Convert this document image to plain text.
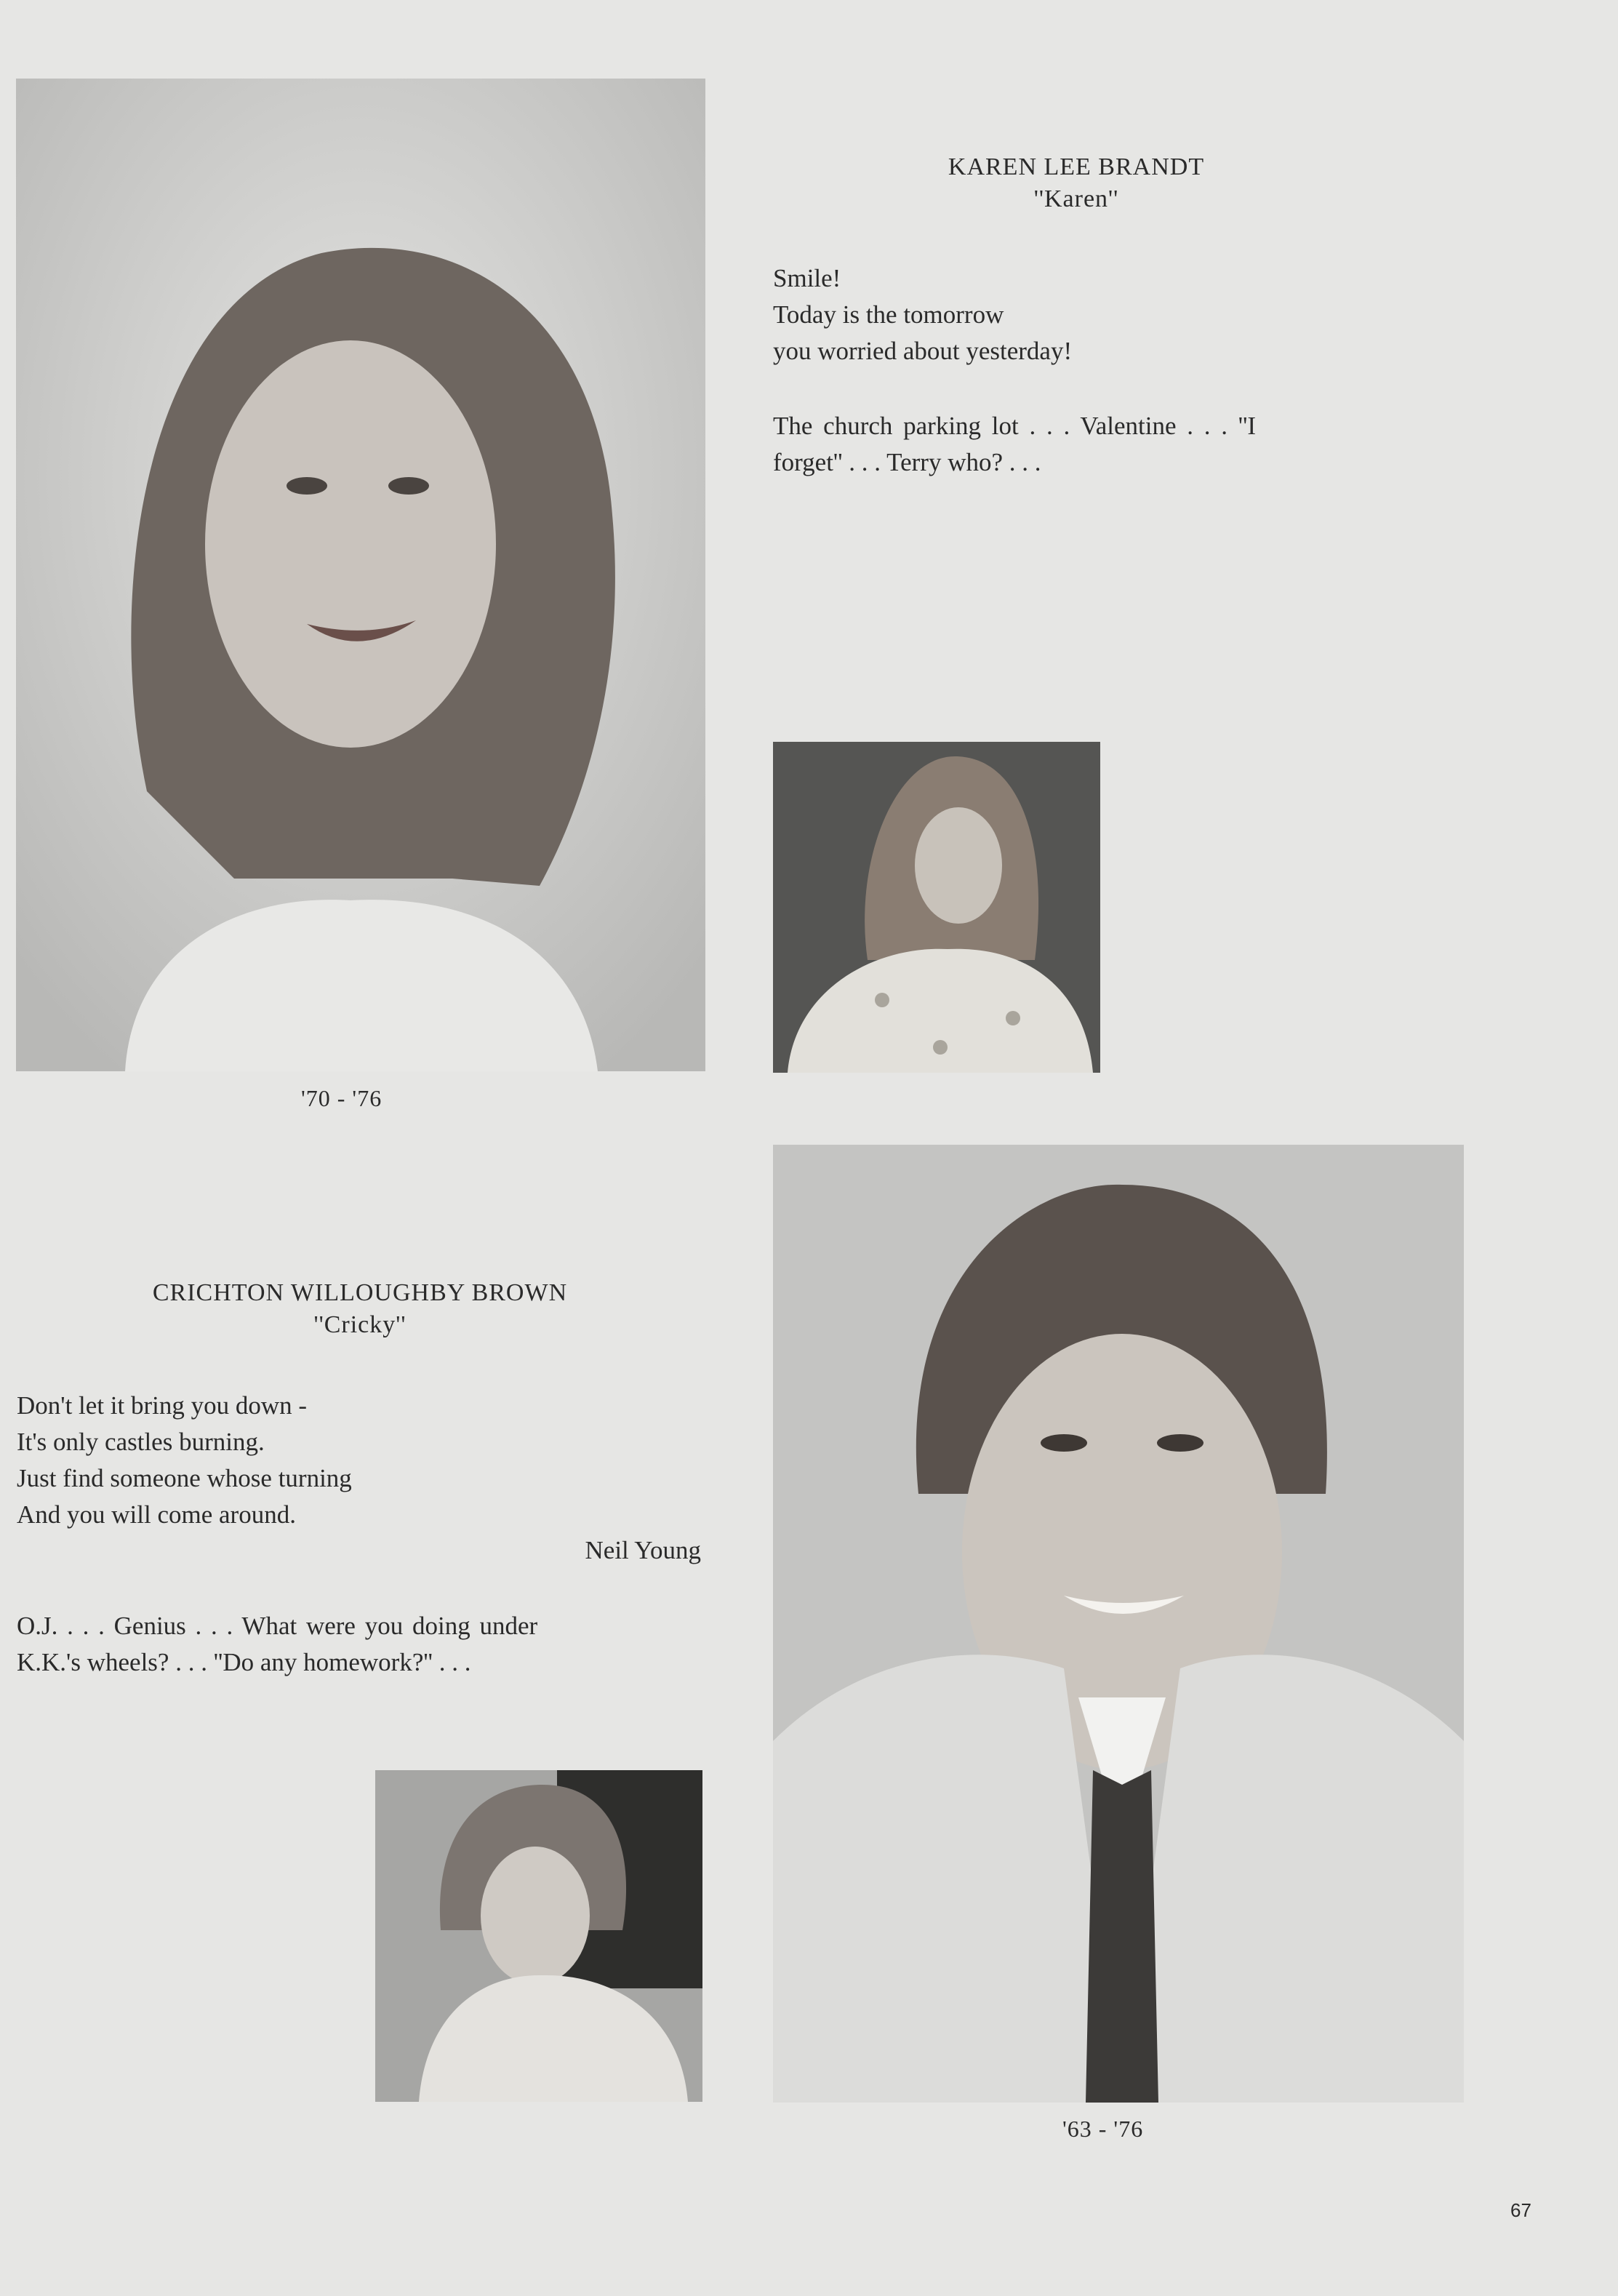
KAREN LEE BRANDT
''Karen''
Smile!
Today is the tomorrow
you worried about yesterday!
The church parking lot . . . Valentine . . . ''I
forget'' . . . Terry who? . . .
'70 - '76
CRICHTON WILLOUGHBY BROWN
''Cricky''
Don't let it bring you down -
It's only castles burning.
Just find someone whose turning
And you will come around.
Neil Young
O.J. . . . Genius . . . What were you doing under
K.K.'s wheels? . . . ''Do any homework?'' . . .
'63 - '76
67
